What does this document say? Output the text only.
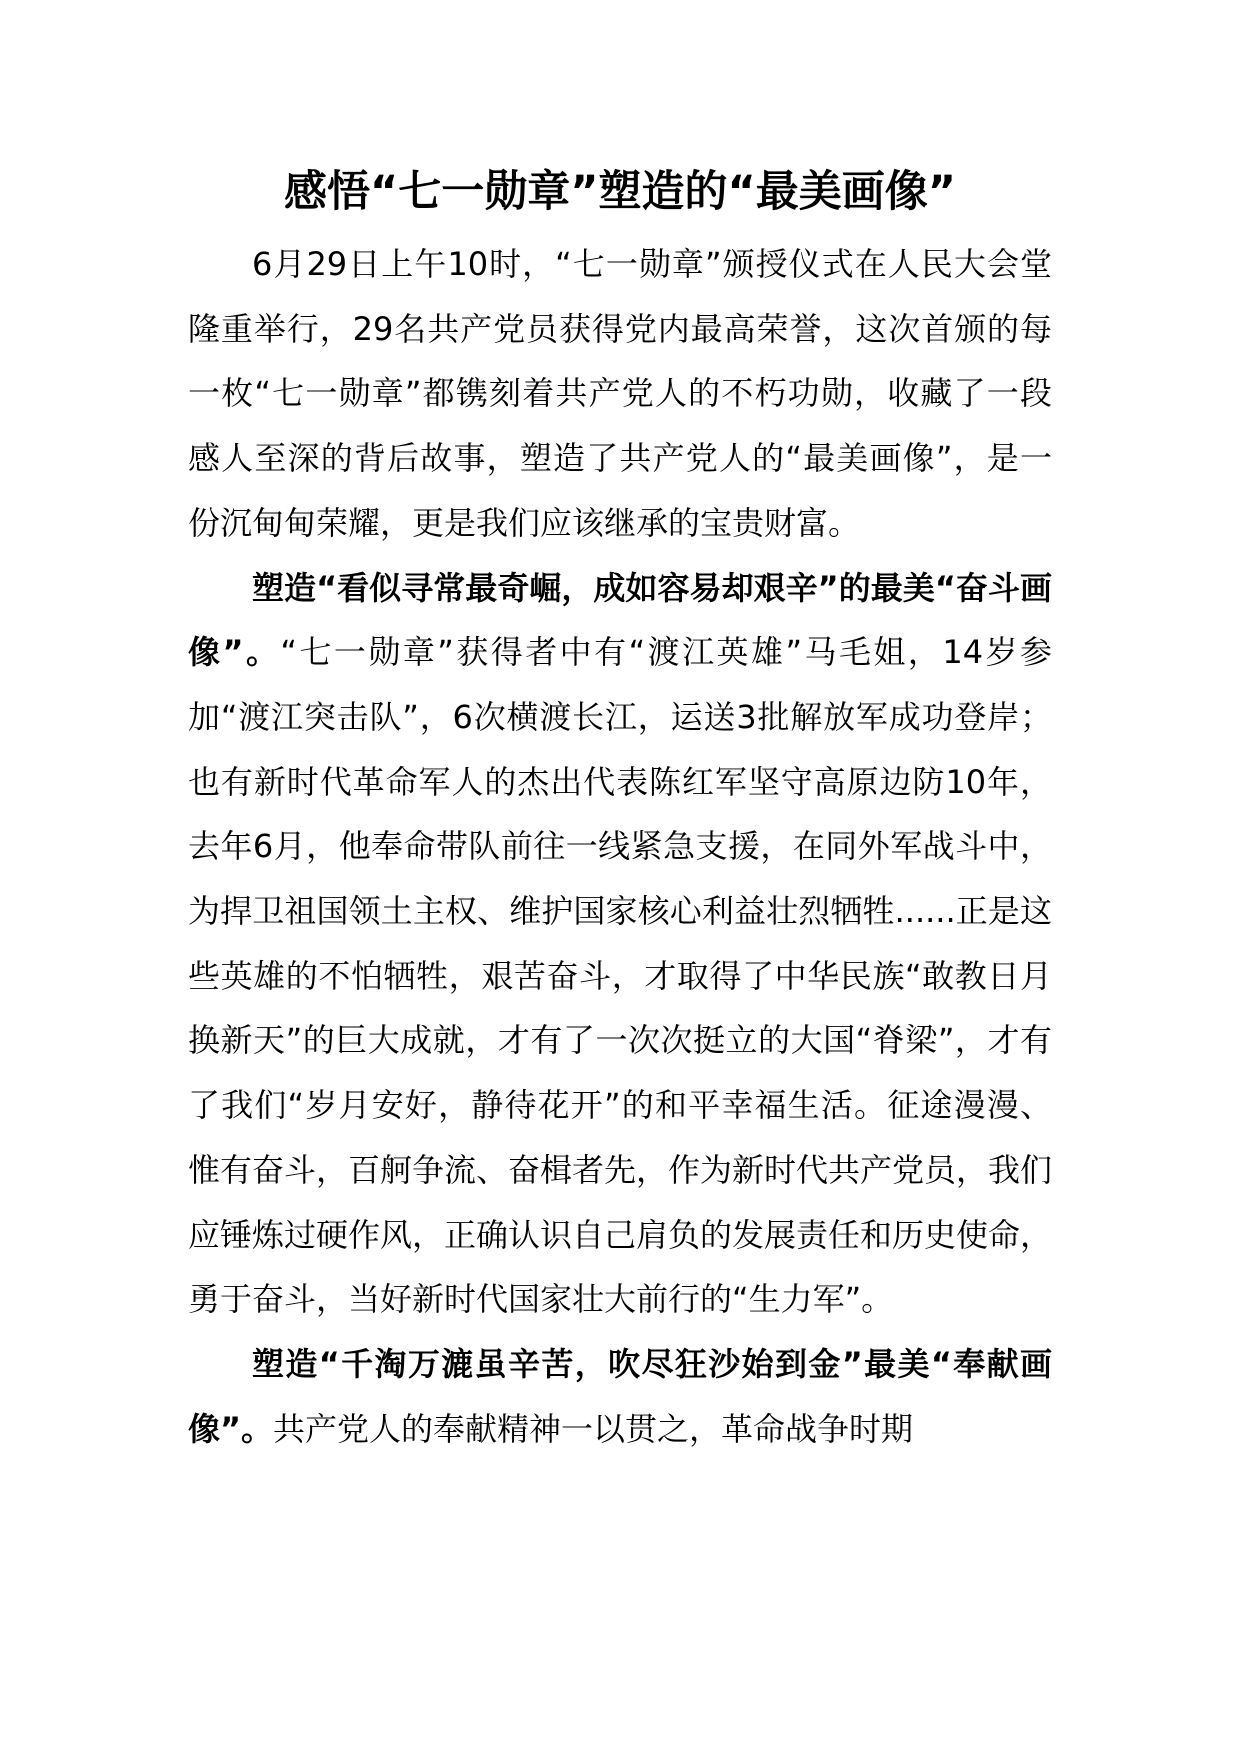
感悟“七一勋章”塑造的“最美画像”

6月29日上午10时，“七一勋章”颁授仪式在人民大会堂隆重举行，29名共产党员获得党内最高荣誉，这次首颁的每一枚“七一勋章”都镌刻着共产党人的不朽功勋，收藏了一段感人至深的背后故事，塑造了共产党人的“最美画像”，是一份沉甸甸荣耀，更是我们应该继承的宝贵财富。

塑造“看似寻常最奇崛，成如容易却艰辛”的最美“奋斗画像”。“七一勋章”获得者中有“渡江英雄”马毛姐，14岁参加“渡江突击队”，6次横渡长江，运送3批解放军成功登岸；也有新时代革命军人的杰出代表陈红军坚守高原边防10年，去年6月，他奉命带队前往一线紧急支援，在同外军战斗中，为捍卫祖国领土主权、维护国家核心利益壮烈牺牲......正是这些英雄的不怕牺牲，艰苦奋斗，才取得了中华民族“敢教日月换新天”的巨大成就，才有了一次次挺立的大国“脊梁”，才有了我们“岁月安好，静待花开”的和平幸福生活。征途漫漫、惟有奋斗，百舸争流、奋楫者先，作为新时代共产党员，我们应锤炼过硬作风，正确认识自己肩负的发展责任和历史使命，勇于奋斗，当好新时代国家壮大前行的“生力军”。

塑造“千淘万漉虽辛苦，吹尽狂沙始到金”最美“奉献画像”。共产党人的奉献精神一以贯之，革命战争时期
